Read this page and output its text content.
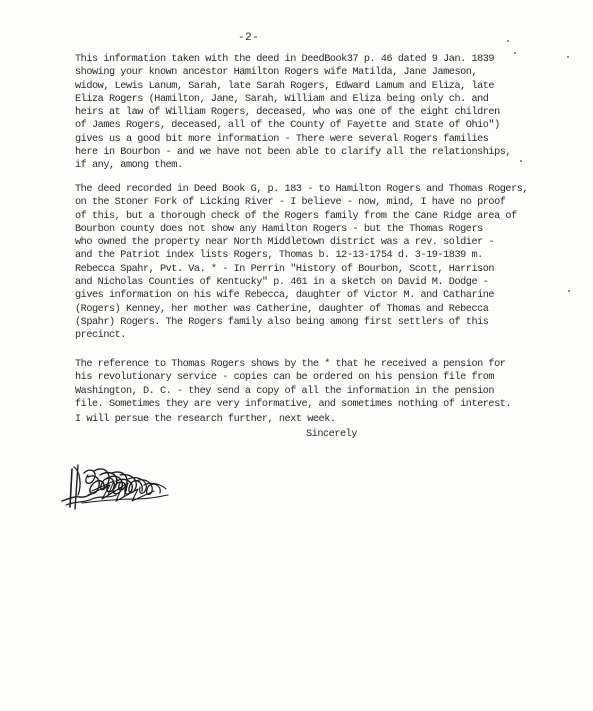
-2-

This information taken with the deed in DeedBook37 p. 46 dated 9 Jan. 1839
showing your known ancestor Hamilton Rogers wife Matilda, Jane Jameson,
widow, Lewis Lanum, Sarah, late Sarah Rogers, Edward Lamum and Eliza, late
Eliza Rogers (Hamilton, Jane, Sarah, William and Eliza being only ch. and
heirs at law of William Rogers, deceased, who was one of the eight children
of James Rogers, deceased, all of the County of Fayette and State of Ohio")
gives us a good bit more information - There were several Rogers families
here in Bourbon - and we have not been able to clarify all the relationships,
if any, among them.

The deed recorded in Deed Book G, p. 183 - to Hamilton Rogers and Thomas Rogers,
on the Stoner Fork of Licking River - I believe - now, mind, I have no proof
of this, but a thorough check of the Rogers family from the Cane Ridge area of
Bourbon county does not show any Hamilton Rogers - but the Thomas Rogers
who owned the property near North Middletown district was a rev. soldier -
and the Patriot index lists Rogers, Thomas b. 12-13-1754 d. 3-19-1839 m.
Rebecca Spahr, Pvt. Va. * - In Perrin "History of Bourbon, Scott, Harrison
and Nicholas Counties of Kentucky" p. 461 in a sketch on David M. Dodge -
gives information on his wife Rebecca, daughter of Victor M. and Catharine
(Rogers) Kenney, her mother was Catherine, daughter of Thomas and Rebecca
(Spahr) Rogers. The Rogers family also being among first settlers of this
precinct.

The reference to Thomas Rogers shows by the * that he received a pension for
his revolutionary service - copies can be ordered on his pension file from
Washington, D. C. - they send a copy of all the information in the pension
file. Sometimes they are very informative, and sometimes nothing of interest.

I will persue the research further, next week.

Sincerely
